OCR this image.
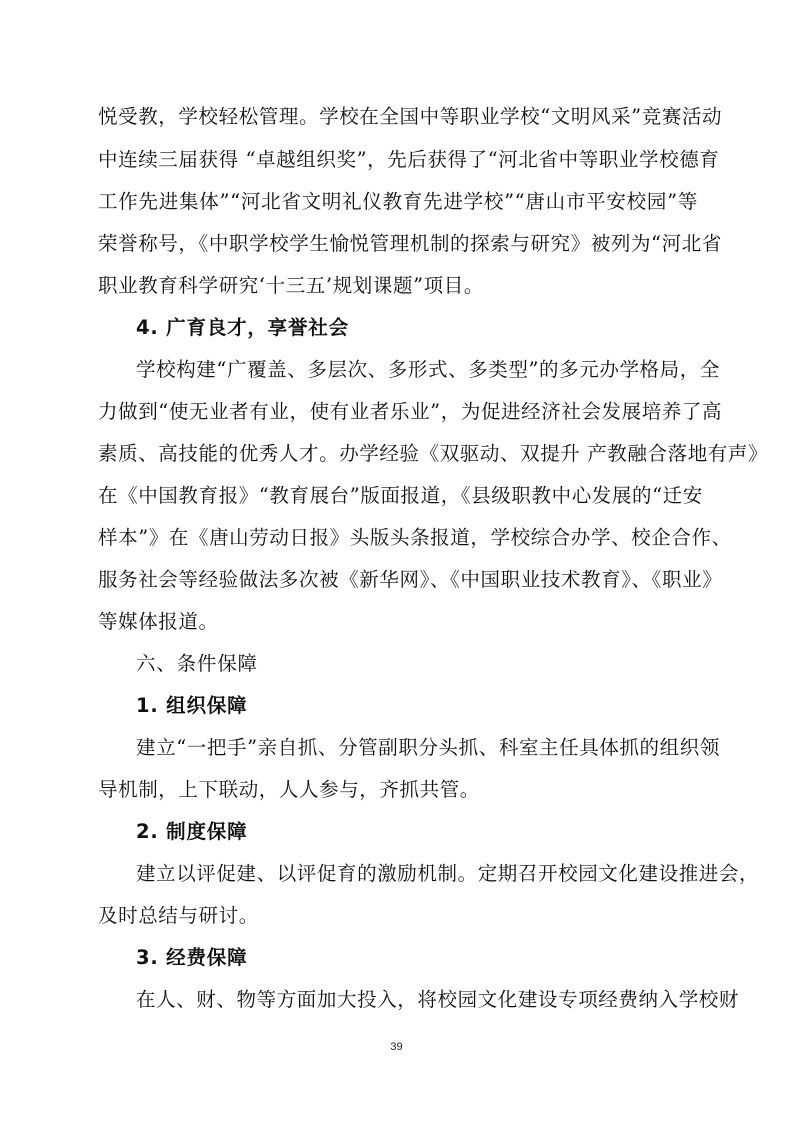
悦受教，学校轻松管理。学校在全国中等职业学校“文明风采”竞赛活动
中连续三届获得 “卓越组织奖”，先后获得了“河北省中等职业学校德育
工作先进集体”“河北省文明礼仪教育先进学校”“唐山市平安校园”等
荣誉称号，《中职学校学生愉悦管理机制的探索与研究》被列为“河北省
职业教育科学研究‘十三五’规划课题”项目。
4. 广育良才，享誉社会
学校构建“广覆盖、多层次、多形式、多类型”的多元办学格局，全
力做到“使无业者有业，使有业者乐业”，为促进经济社会发展培养了高
素质、高技能的优秀人才。办学经验《双驱动、双提升 产教融合落地有声》
在《中国教育报》“教育展台”版面报道，《县级职教中心发展的“迁安
样本”》在《唐山劳动日报》头版头条报道，学校综合办学、校企合作、
服务社会等经验做法多次被《新华网》、《中国职业技术教育》、《职业》
等媒体报道。
六、条件保障
1. 组织保障
建立“一把手”亲自抓、分管副职分头抓、科室主任具体抓的组织领
导机制，上下联动，人人参与，齐抓共管。
2. 制度保障
建立以评促建、以评促育的激励机制。定期召开校园文化建设推进会，
及时总结与研讨。
3. 经费保障
在人、财、物等方面加大投入，将校园文化建设专项经费纳入学校财
39
